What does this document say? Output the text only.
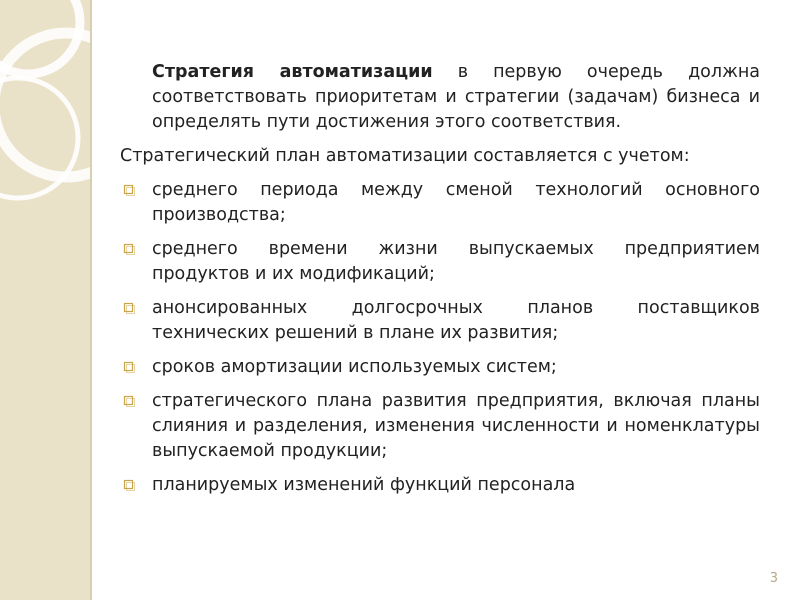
Стратегия автоматизации в первую очередь должна соответствовать приоритетам и стратегии (задачам) бизнеса и определять пути достижения этого соответствия.

Стратегический план автоматизации составляется с учетом:

среднего периода между сменой технологий основного производства;
среднего времени жизни выпускаемых предприятием продуктов и их модификаций;
анонсированных долгосрочных планов поставщиков технических решений в плане их развития;
сроков амортизации используемых систем;
стратегического плана развития предприятия, включая планы слияния и разделения, изменения численности и номенклатуры выпускаемой продукции;
планируемых изменений функций персонала
3
